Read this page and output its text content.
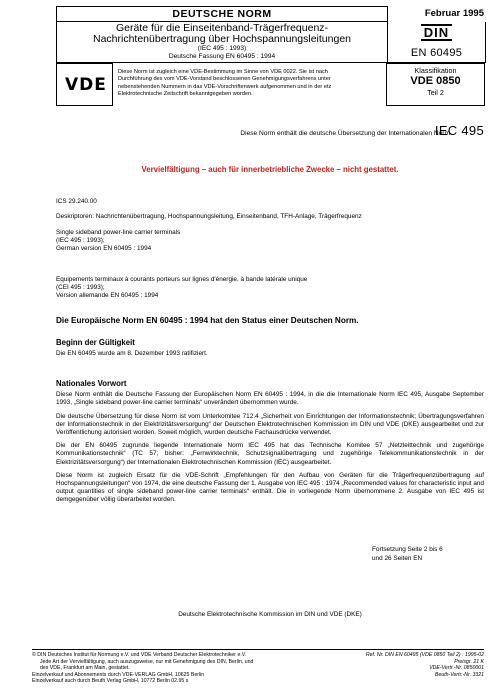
DEUTSCHE NORM	Februar 1995
Geräte für die Einseitenband-Trägerfrequenz-
Nachrichtenübertragung über Hochspannungsleitungen
(IEC 495 : 1993)
Deutsche Fassung EN 60495 : 1994
DIN
EN 60495
VDE
Diese Norm ist zugleich eine VDE-Bestimmung im Sinne von VDE 0022. Sie ist nach
Durchführung des vom VDE-Vorstand beschlossenen Genehmigungsverfahrens unter
nebenstehenden Nummern in das VDE-Vorschriftenwerk aufgenommen und in der etz
Elektrotechnische Zeitschrift bekanntgegeben worden.
Klassifikation
VDE 0850
Teil 2
Diese Norm enthält die deutsche Übersetzung der Internationalen Norm
IEC 495
Vervielfältigung – auch für innerbetriebliche Zwecke – nicht gestattet.
ICS 29.240.00
Deskriptoren: Nachrichtenübertragung, Hochspannungsleitung, Einseitenband, TFH-Anlage, Trägerfrequenz
Single sideband power-line carrier terminals
(IEC 495 : 1993);
German version EN 60495 : 1994
Equipements terminaux à courants porteurs sur lignes d'énergie, à bande latérale unique
(CEI 495 : 1993);
Version allemande EN 60495 : 1994
Die Europäische Norm EN 60495 : 1994 hat den Status einer Deutschen Norm.
Beginn der Gültigkeit
Die EN 60495 wurde am 8. Dezember 1993 ratifiziert.
Nationales Vorwort
Diese Norm enthält die Deutsche Fassung der Europäischen Norm EN 60495 : 1994, in die die Internationale Norm IEC 495, Ausgabe September 1993, „Single sideband power-line carrier terminals“ unverändert übernommen wurde.
Die deutsche Übersetzung für diese Norm ist vom Unterkomitee 712.4 „Sicherheit von Einrichtungen der Informationstechnik; Übertragungsverfahren der Informationstechnik in der Elektrizitätsversorgung“ der Deutschen Elektrotechnischen Kommission im DIN und VDE (DKE) ausgearbeitet und zur Veröffentlichung autorisiert worden. Soweit möglich, wurden deutsche Fachausdrücke verwendet.
Die der EN 60495 zugrunde liegende Internationale Norm IEC 495 hat das Technische Komitee 57 „Netzleittechnik und zugehörige Kommunikationstechnik“ (TC 57; bisher: „Fernwirktechnik, Schutzsignalübertragung und zugehörige Telekommunikationstechnik in der Elektrizitätsversorgung“) der Internationalen Elektrotechnischen Kommission (IEC) ausgearbeitet.
Diese Norm ist zugleich Ersatz für die VDE-Schrift „Empfehlungen für den Aufbau von Geräten für die Trägerfrequenzübertragung auf Hochspannungsleitungen“ von 1974, die eine deutsche Fassung der 1. Ausgabe von IEC 495 : 1974 „Recommended values for characteristic input and output quantities of single sideband power-line carrier terminals“ enthält. Die in vorliegende Norm übernommene 2. Ausgabe von IEC 495 ist demgegenüber völlig überarbeitet worden.
Fortsetzung Seite 2 bis 6
und 26 Seiten EN
Deutsche Elektrotechnische Kommission im DIN und VDE (DKE)
© DIN Deutsches Institut für Normung e.V. und VDE Verband Deutscher Elektrotechniker e.V.
Jede Art der Vervielfältigung, auch auszugsweise, nur mit Genehmigung des DIN, Berlin, und
des VDE, Frankfurt am Main, gestattet.
Einzelverkauf und Abonnements durch VDE-VERLAG GmbH, 10625 Berlin
Einzelverkauf auch durch Beuth Verlag GmbH, 10772 Berlin 02.95 s
Ref. Nr. DIN EN 60495 (VDE 0850 Teil 2) : 1995-02
Preisgr. 21 K
VDE-Vertr.-Nr. 0850001
Beuth-Vertr.-Nr. 3321
